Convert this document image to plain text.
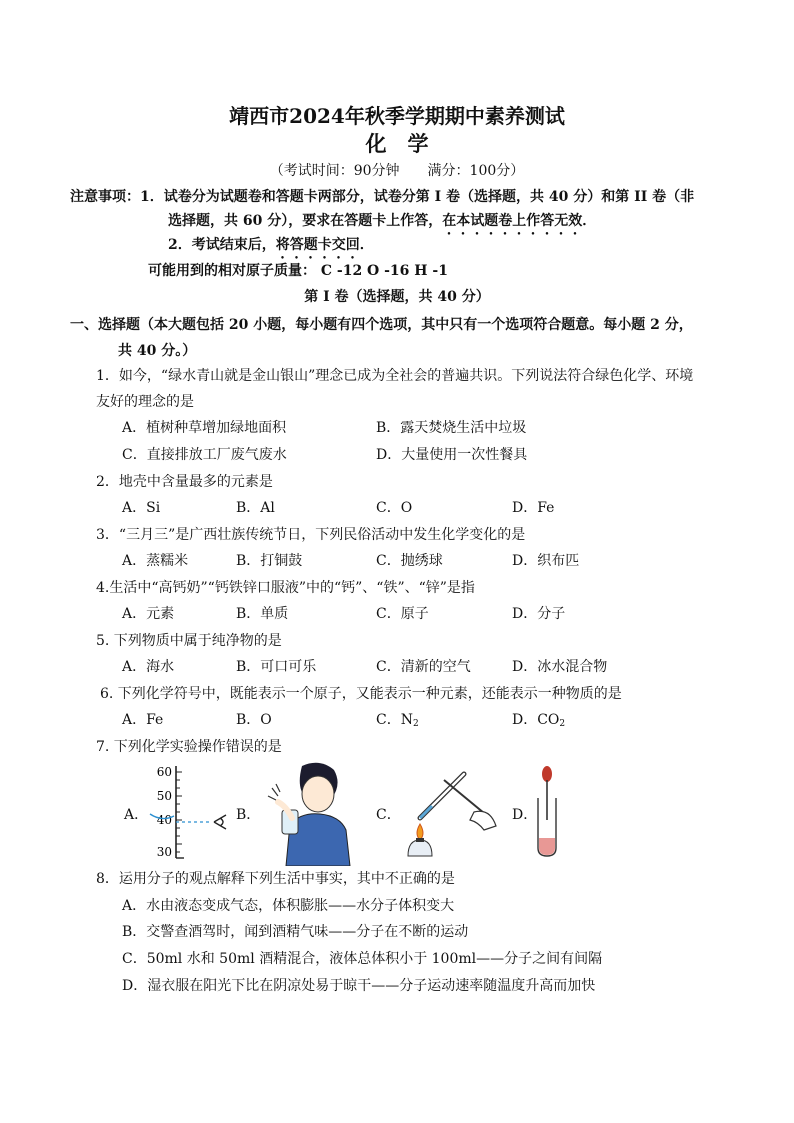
靖西市2024年秋季学期期中素养测试
化　学
（考试时间：90分钟　　满分：100分）
注意事项：1．试卷分为试题卷和答题卡两部分，试卷分第 I 卷（选择题，共 40 分）和第 II 卷（非
选择题，共 60 分），要求在答题卡上作答，在本试题卷上作答无效．
2．考试结束后，将答题卡交回．
可能用到的相对原子质量： C -12 O -16 H -1
第 I 卷（选择题，共 40 分）
一、选择题（本大题包括 20 小题，每小题有四个选项，其中只有一个选项符合题意。每小题 2 分，
共 40 分。）
1．如今，“绿水青山就是金山银山”理念已成为全社会的普遍共识。下列说法符合绿色化学、环境
友好的理念的是
A．植树种草增加绿地面积	B．露天焚烧生活中垃圾
C．直接排放工厂废气废水	D．大量使用一次性餐具
2．地壳中含量最多的元素是
A．Si	B．Al	C．O	D．Fe
3．“三月三”是广西壮族传统节日，下列民俗活动中发生化学变化的是
A．蒸糯米	B．打铜鼓	C．抛绣球	D．织布匹
4.生活中“高钙奶”“钙铁锌口服液”中的“钙”、“铁”、“锌”是指
A．元素	B．单质	C．原子	D．分子
5. 下列物质中属于纯净物的是
A．海水	B．可口可乐	C．清新的空气	D．冰水混合物
6. 下列化学符号中，既能表示一个原子，又能表示一种元素，还能表示一种物质的是
A．Fe	B．O	C．$N_2$	D．$CO_2$
7. 下列化学实验操作错误的是
A．
60
50
40
30
B．	C．	D．
8．运用分子的观点解释下列生活中事实，其中不正确的是
A．水由液态变成气态，体积膨胀——水分子体积变大
B．交警查酒驾时，闻到酒精气味——分子在不断的运动
C．50ml 水和 50ml 酒精混合，液体总体积小于 100ml——分子之间有间隔
D．湿衣服在阳光下比在阴凉处易于晾干——分子运动速率随温度升高而加快
